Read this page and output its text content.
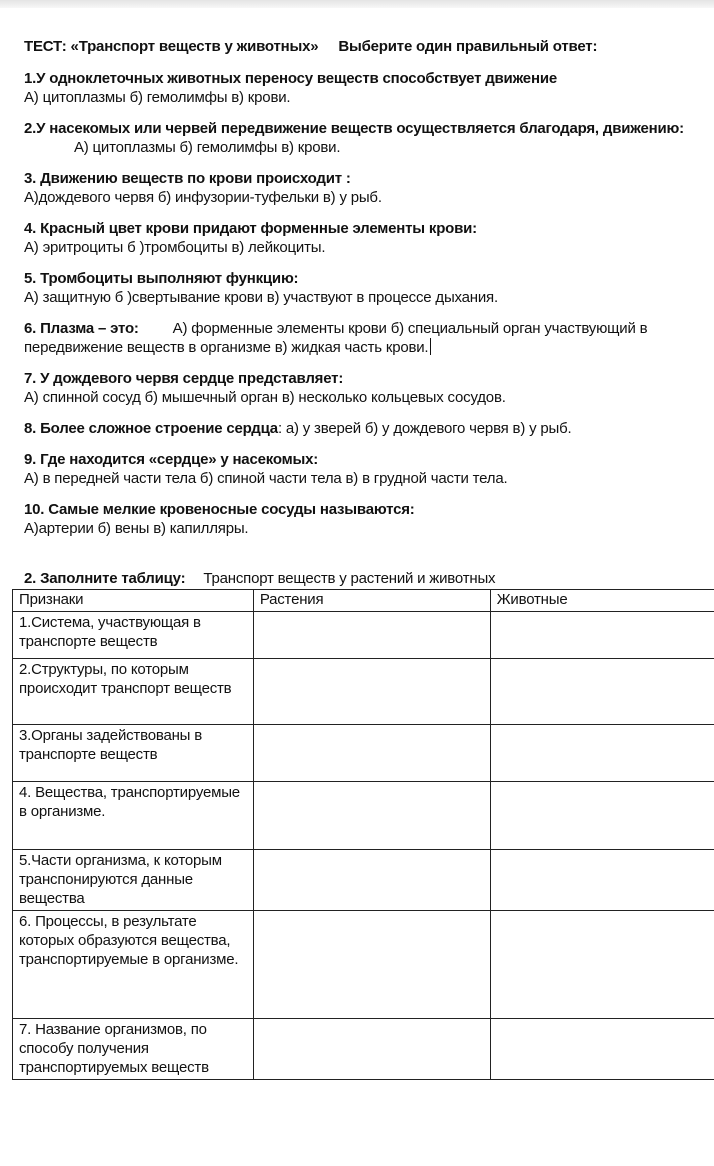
ТЕСТ: «Транспорт веществ у животных» Выберите один правильный ответ:
1.У одноклеточных животных переносу веществ способствует движение
А) цитоплазмы б) гемолимфы в) крови.
2.У насекомых или червей передвижение веществ осуществляется благодаря, движению:  А) цитоплазмы б) гемолимфы в) крови.
3. Движению веществ по крови происходит :
А)дождевого червя б) инфузории-туфельки в) у рыб.
4. Красный цвет крови придают форменные элементы крови:
А) эритроциты б )тромбоциты в) лейкоциты.
5. Тромбоциты выполняют функцию:
А) защитную б )свертывание крови в) участвуют в процессе дыхания.
6. Плазма – это: А) форменные элементы крови б) специальный орган участвующий в передвижение веществ в организме в) жидкая часть крови.
7. У дождевого червя сердце представляет:
А) спинной сосуд б) мышечный орган в) несколько кольцевых сосудов.
8. Более сложное строение сердца: а) у зверей б) у дождевого червя в) у рыб.
9. Где находится «сердце» у насекомых:
А) в передней части тела б) спиной части тела в) в грудной части тела.
10. Самые мелкие кровеносные сосуды называются:
А)артерии б) вены в) капилляры.
2. Заполните таблицу: Транспорт веществ у растений и животных
Признаки	Растения	Животные
1.Система, участвующая в транспорте веществ		
2.Структуры, по которым происходит транспорт веществ		
3.Органы задействованы в транспорте веществ		
4. Вещества, транспортируемые в организме.		
5.Части организма, к которым транспонируются данные вещества		
6. Процессы, в результате которых образуются вещества, транспортируемые в организме.		
7. Название организмов, по способу получения транспортируемых веществ		
